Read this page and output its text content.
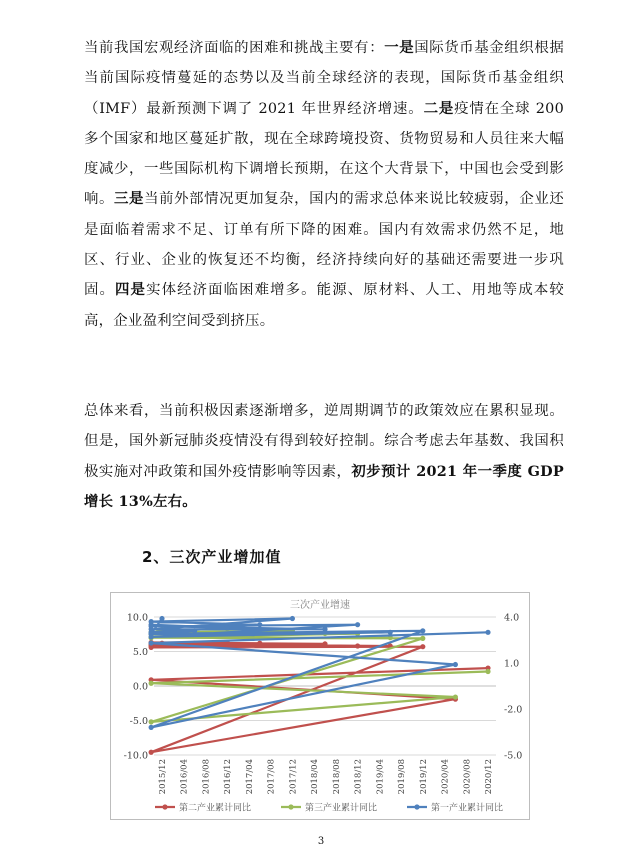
当前我国宏观经济面临的困难和挑战主要有：一是国际货币基金组织根据当前国际疫情蔓延的态势以及当前全球经济的表现，国际货币基金组织（IMF）最新预测下调了 2021 年世界经济增速。二是疫情在全球 200 多个国家和地区蔓延扩散，现在全球跨境投资、货物贸易和人员往来大幅度减少，一些国际机构下调增长预期，在这个大背景下，中国也会受到影响。三是当前外部情况更加复杂，国内的需求总体来说比较疲弱，企业还是面临着需求不足、订单有所下降的困难。国内有效需求仍然不足，地区、行业、企业的恢复还不均衡，经济持续向好的基础还需要进一步巩固。四是实体经济面临困难增多。能源、原材料、人工、用地等成本较高，企业盈利空间受到挤压。

总体来看，当前积极因素逐渐增多，逆周期调节的政策效应在累积显现。但是，国外新冠肺炎疫情没有得到较好控制。综合考虑去年基数、我国积极实施对冲政策和国外疫情影响等因素，初步预计 2021 年一季度 GDP 增长 13%左右。

2、三次产业增加值
三次产业增速
10.0
5.0
0.0
-5.0
-10.0
4.0
1.0
-2.0
-5.0
2015/12 2016/04 2016/08 2016/12 2017/04 2017/08 2017/12 2018/04 2018/08 2018/12 2019/04 2019/08 2019/12 2020/04 2020/08 2020/12
第二产业累计同比	第三产业累计同比	第一产业累计同比
3
